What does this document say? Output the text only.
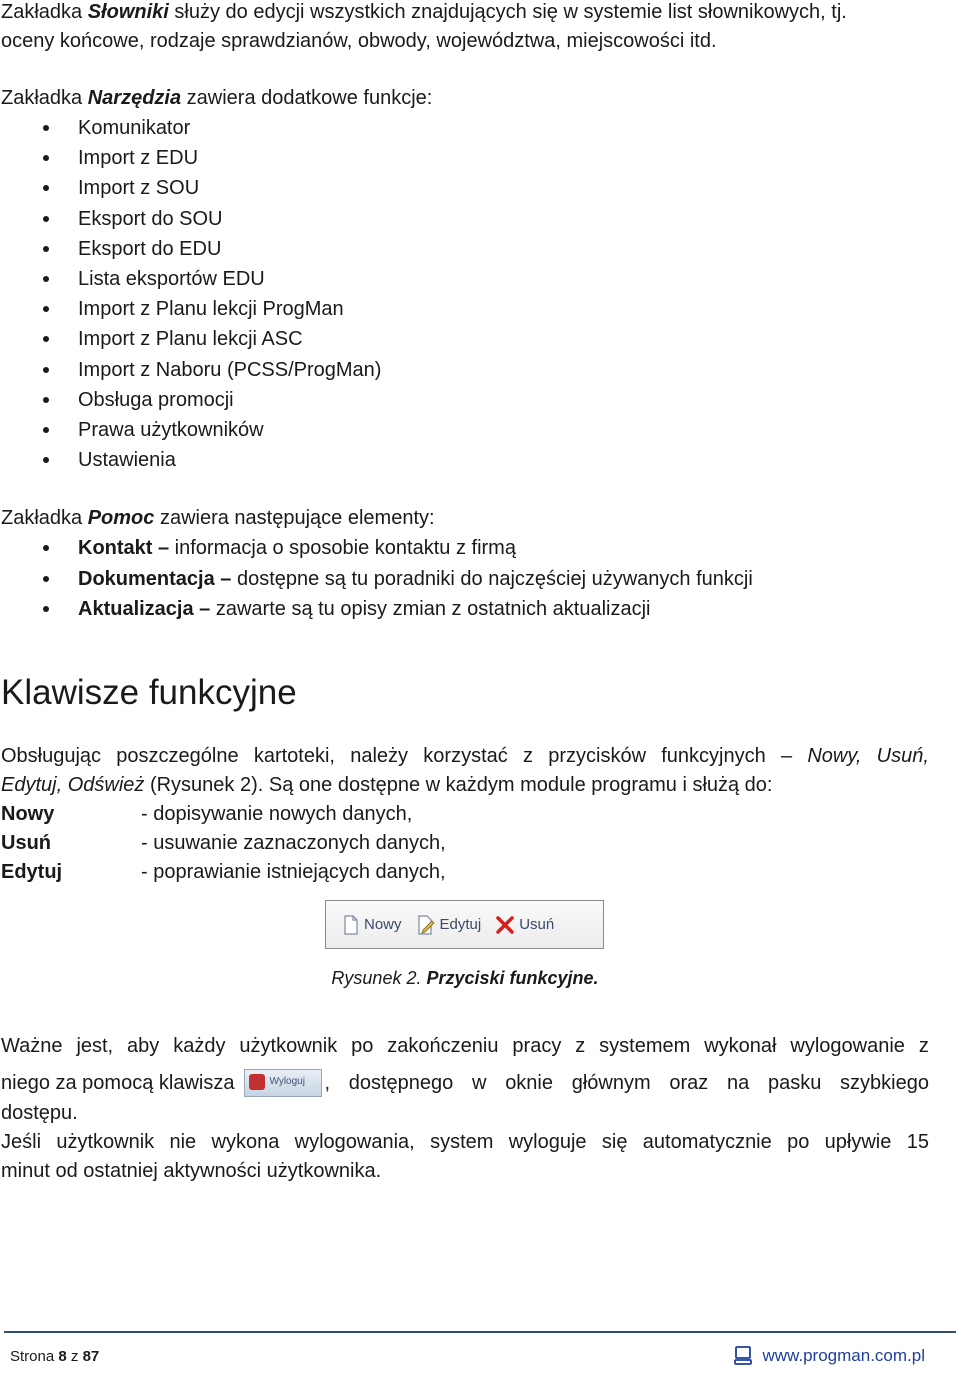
Zakładka Słowniki służy do edycji wszystkich znajdujących się w systemie list słownikowych, tj.
oceny końcowe, rodzaje sprawdzianów, obwody, województwa, miejscowości itd.
Zakładka Narzędzia zawiera dodatkowe funkcje:
Komunikator
Import z EDU
Import z SOU
Eksport do SOU
Eksport do EDU
Lista eksportów EDU
Import z Planu lekcji ProgMan
Import z Planu lekcji ASC
Import z Naboru (PCSS/ProgMan)
Obsługa promocji
Prawa użytkowników
Ustawienia
Zakładka Pomoc zawiera następujące elementy:
Kontakt – informacja o sposobie kontaktu z firmą
Dokumentacja – dostępne są tu poradniki do najczęściej używanych funkcji
Aktualizacja – zawarte są tu opisy zmian z ostatnich aktualizacji
Klawisze funkcyjne
Obsługując poszczególne kartoteki, należy korzystać z przycisków funkcyjnych – Nowy, Usuń,
Edytuj, Odśwież (Rysunek 2). Są one dostępne w każdym module programu i służą do:
Nowy	- dopisywanie nowych danych,
Usuń	- usuwanie zaznaczonych danych,
Edytuj	- poprawianie istniejących danych,
Nowy	Edytuj	Usuń
Rysunek 2. Przyciski funkcyjne.
Ważne jest, aby każdy użytkownik po zakończeniu pracy z systemem wykonał wylogowanie z
niego za pomocą klawisza	Wyloguj , dostępnego w oknie głównym oraz na pasku szybkiego
dostępu.
Jeśli użytkownik nie wykona wylogowania, system wyloguje się automatycznie po upływie 15
minut od ostatniej aktywności użytkownika.
Strona 8 z 87	www.progman.com.pl
